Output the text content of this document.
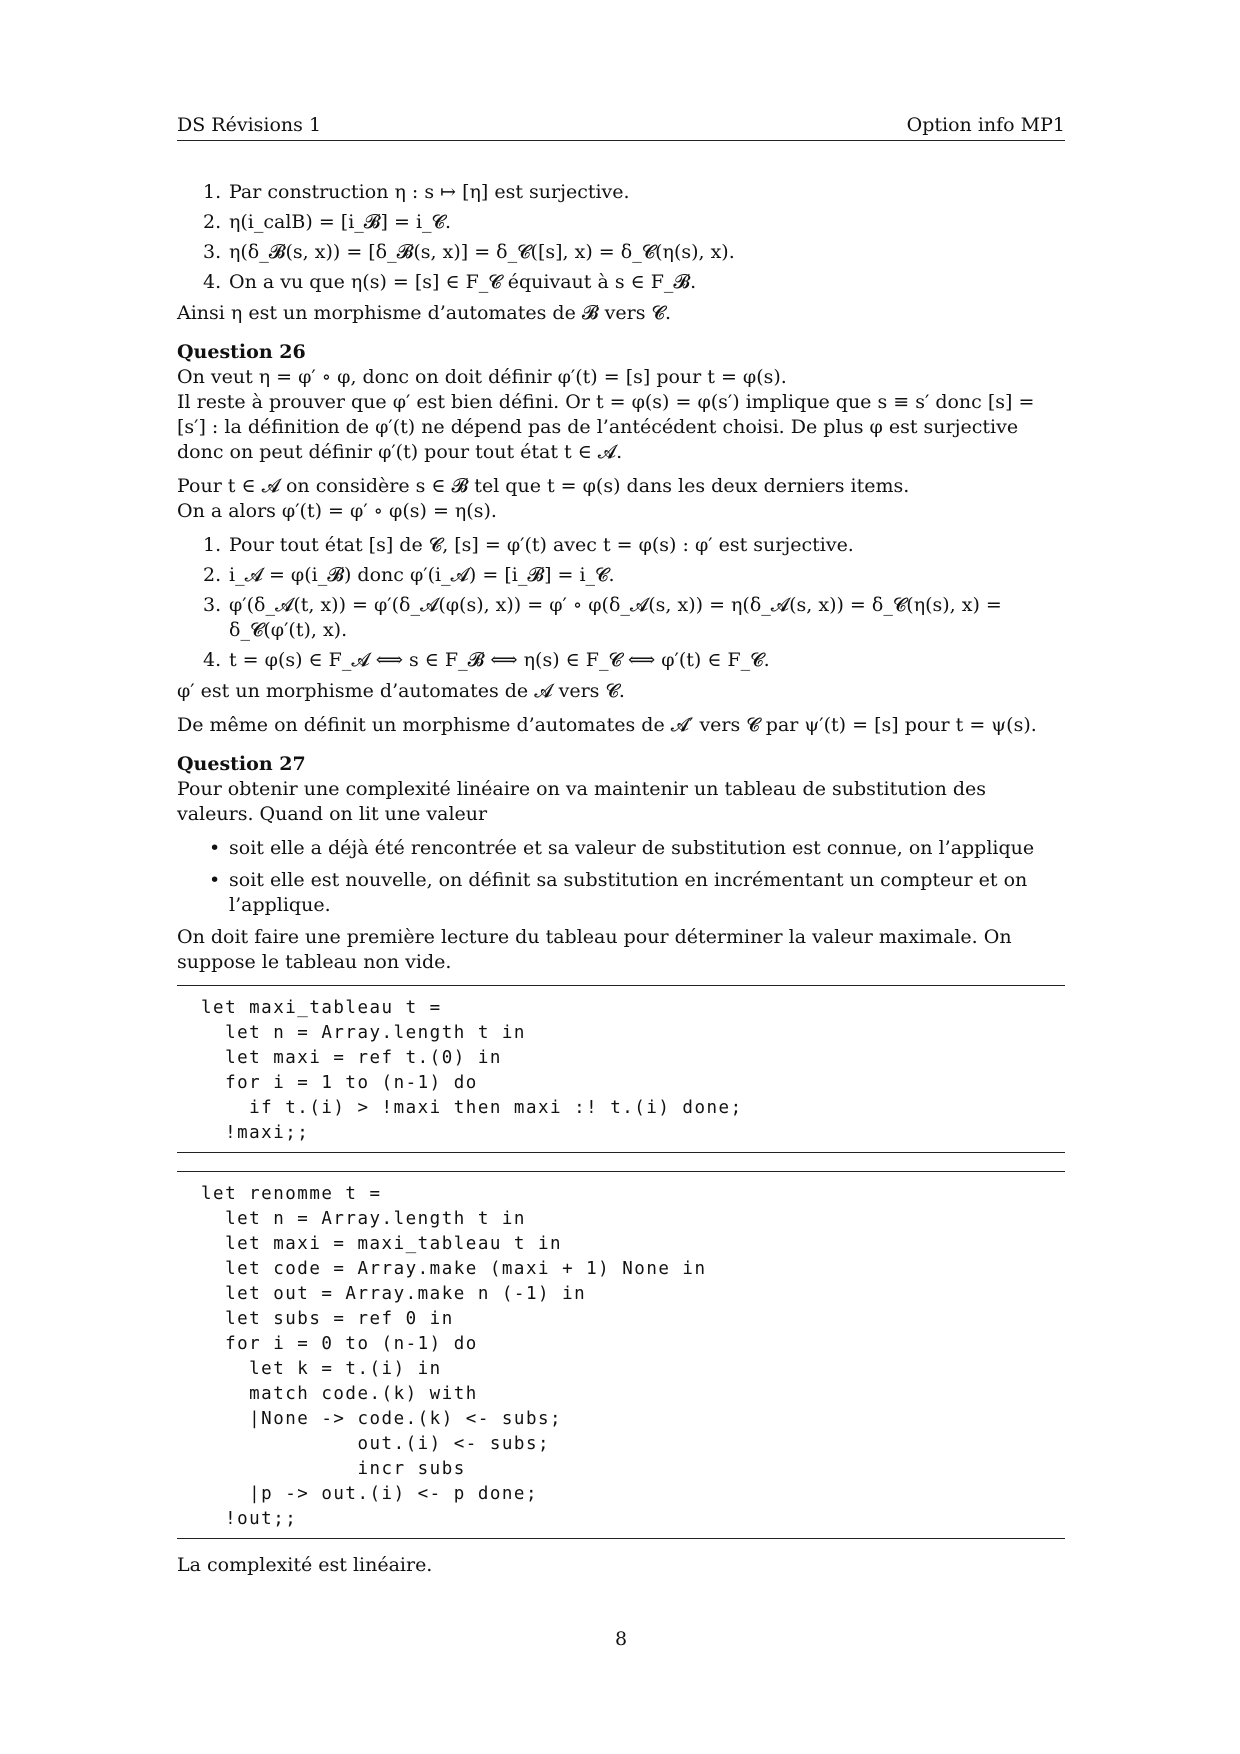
DS Révisions 1	Option info MP1
1. Par construction η : s ↦ [η] est surjective.
2. η(i_calB) = [i_𝓑] = i_𝓒.
3. η(δ_𝓑(s, x)) = [δ_𝓑(s, x)] = δ_𝓒([s], x) = δ_𝓒(η(s), x).
4. On a vu que η(s) = [s] ∈ F_𝓒 équivaut à s ∈ F_𝓑.

Ainsi η est un morphisme d’automates de 𝓑 vers 𝓒.

Question 26

On veut η = φ′ ∘ φ, donc on doit définir φ′(t) = [s] pour t = φ(s).

Il reste à prouver que φ′ est bien défini. Or t = φ(s) = φ(s′) implique que s ≡ s′ donc [s] = [s′] : la définition de φ′(t) ne dépend pas de l’antécédent choisi. De plus φ est surjective donc on peut définir φ′(t) pour tout état t ∈ 𝓐.

Pour t ∈ 𝓐 on considère s ∈ 𝓑 tel que t = φ(s) dans les deux derniers items.

On a alors φ′(t) = φ′ ∘ φ(s) = η(s).

1. Pour tout état [s] de 𝓒, [s] = φ′(t) avec t = φ(s) : φ′ est surjective.
2. i_𝓐 = φ(i_𝓑) donc φ′(i_𝓐) = [i_𝓑] = i_𝓒.
3. φ′(δ_𝓐(t, x)) = φ′(δ_𝓐(φ(s), x)) = φ′ ∘ φ(δ_𝓐(s, x)) = η(δ_𝓐(s, x)) = δ_𝓒(η(s), x) = δ_𝓒(φ′(t), x).
4. t = φ(s) ∈ F_𝓐 ⟺ s ∈ F_𝓑 ⟺ η(s) ∈ F_𝓒 ⟺ φ′(t) ∈ F_𝓒.

φ′ est un morphisme d’automates de 𝓐 vers 𝓒.

De même on définit un morphisme d’automates de 𝓐′ vers 𝓒 par ψ′(t) = [s] pour t = ψ(s).

Question 27

Pour obtenir une complexité linéaire on va maintenir un tableau de substitution des valeurs. Quand on lit une valeur

• soit elle a déjà été rencontrée et sa valeur de substitution est connue, on l’applique
• soit elle est nouvelle, on définit sa substitution en incrémentant un compteur et on l’applique.

On doit faire une première lecture du tableau pour déterminer la valeur maximale. On suppose le tableau non vide.

let maxi_tableau t =
let n = Array.length t in
let maxi = ref t.(0) in
for i = 1 to (n-1) do
if t.(i) > !maxi then maxi :! t.(i) done;
!maxi;;
let renomme t =
let n = Array.length t in
let maxi = maxi_tableau t in
let code = Array.make (maxi + 1) None in
let out = Array.make n (-1) in
let subs = ref 0 in
for i = 0 to (n-1) do
let k = t.(i) in
match code.(k) with
|None -> code.(k) <- subs;
out.(i) <- subs;
incr subs
|p -> out.(i) <- p done;
!out;;

La complexité est linéaire.

8
